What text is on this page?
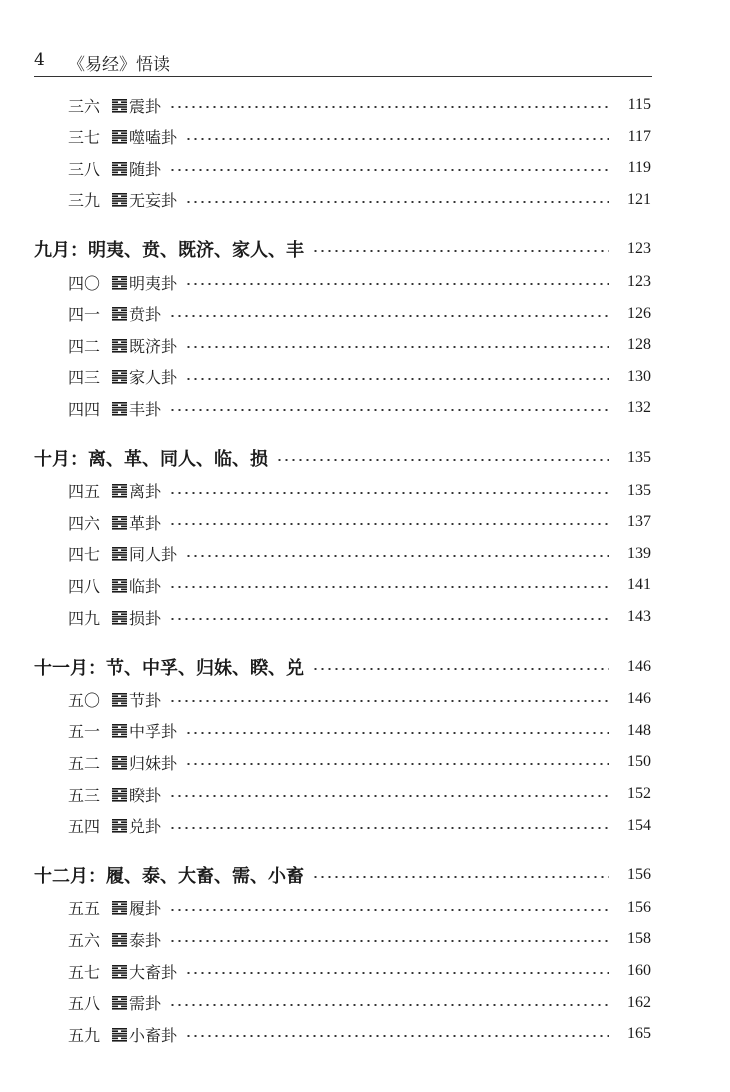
4 《易经》悟读
三六	震卦	115
三七	噬嗑卦	117
三八	随卦	119
三九	无妄卦	121
九月：明夷、贲、既济、家人、丰	123
四〇	明夷卦	123
四一	贲卦	126
四二	既济卦	128
四三	家人卦	130
四四	丰卦	132
十月：离、革、同人、临、损	135
四五	离卦	135
四六	革卦	137
四七	同人卦	139
四八	临卦	141
四九	损卦	143
十一月：节、中孚、归妹、睽、兑	146
五〇	节卦	146
五一	中孚卦	148
五二	归妹卦	150
五三	睽卦	152
五四	兑卦	154
十二月：履、泰、大畜、需、小畜	156
五五	履卦	156
五六	泰卦	158
五七	大畜卦	160
五八	需卦	162
五九	小畜卦	165
